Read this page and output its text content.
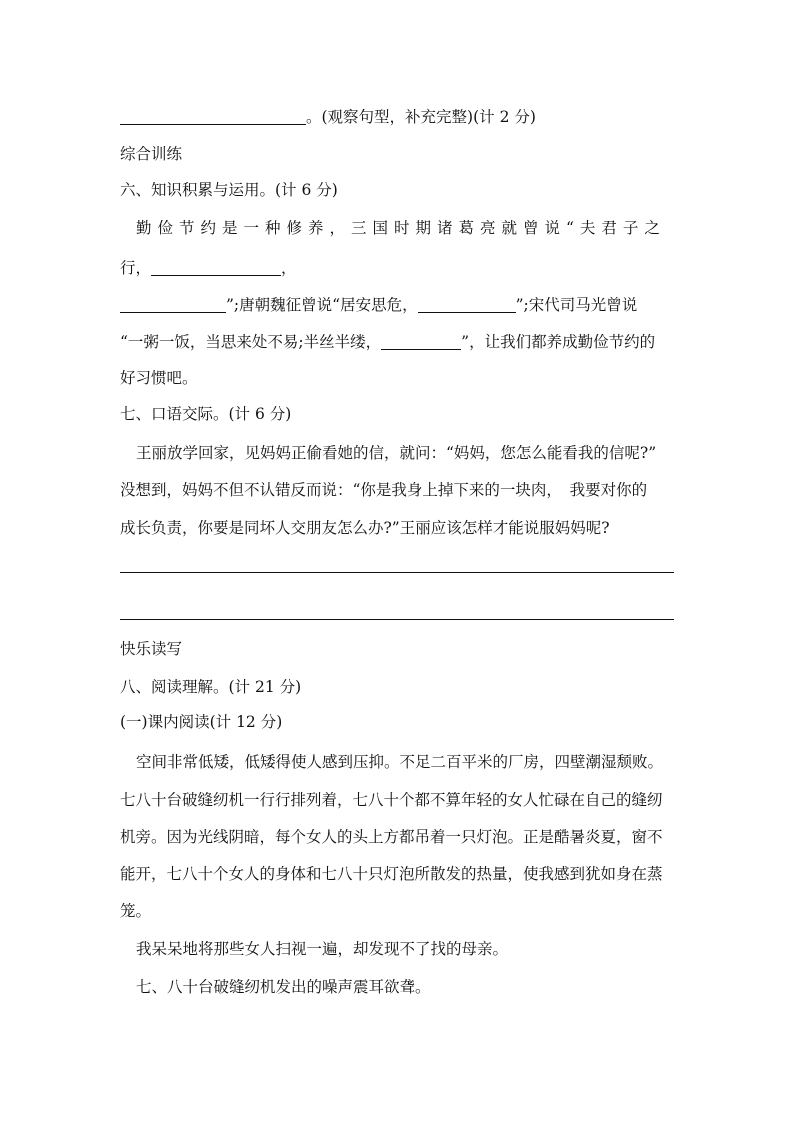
。(观察句型，补充完整)(计 2 分)
综合训练
六、知识积累与运用。(计 6 分)
勤俭节约是一种修养，三国时期诸葛亮就曾说“夫君子之
行，	，
”;唐朝魏征曾说“居安思危，	”;宋代司马光曾说
“一粥一饭，当思来处不易;半丝半缕，	”，让我们都养成勤俭节约的
好习惯吧。
七、口语交际。(计 6 分)
王丽放学回家，见妈妈正偷看她的信，就问：“妈妈，您怎么能看我的信呢?”
没想到，妈妈不但不认错反而说：“你是我身上掉下来的一块肉，　我要对你的
成长负责，你要是同坏人交朋友怎么办?”王丽应该怎样才能说服妈妈呢?
快乐读写
八、阅读理解。(计 21 分)
(一)课内阅读(计 12 分)
空间非常低矮，低矮得使人感到压抑。不足二百平米的厂房，四壁潮湿颓败。
七八十台破缝纫机一行行排列着，七八十个都不算年轻的女人忙碌在自己的缝纫
机旁。因为光线阴暗，每个女人的头上方都吊着一只灯泡。正是酷暑炎夏，窗不
能开，七八十个女人的身体和七八十只灯泡所散发的热量，使我感到犹如身在蒸
笼。
我呆呆地将那些女人扫视一遍，却发现不了找的母亲。
七、八十台破缝纫机发出的噪声震耳欲聋。
